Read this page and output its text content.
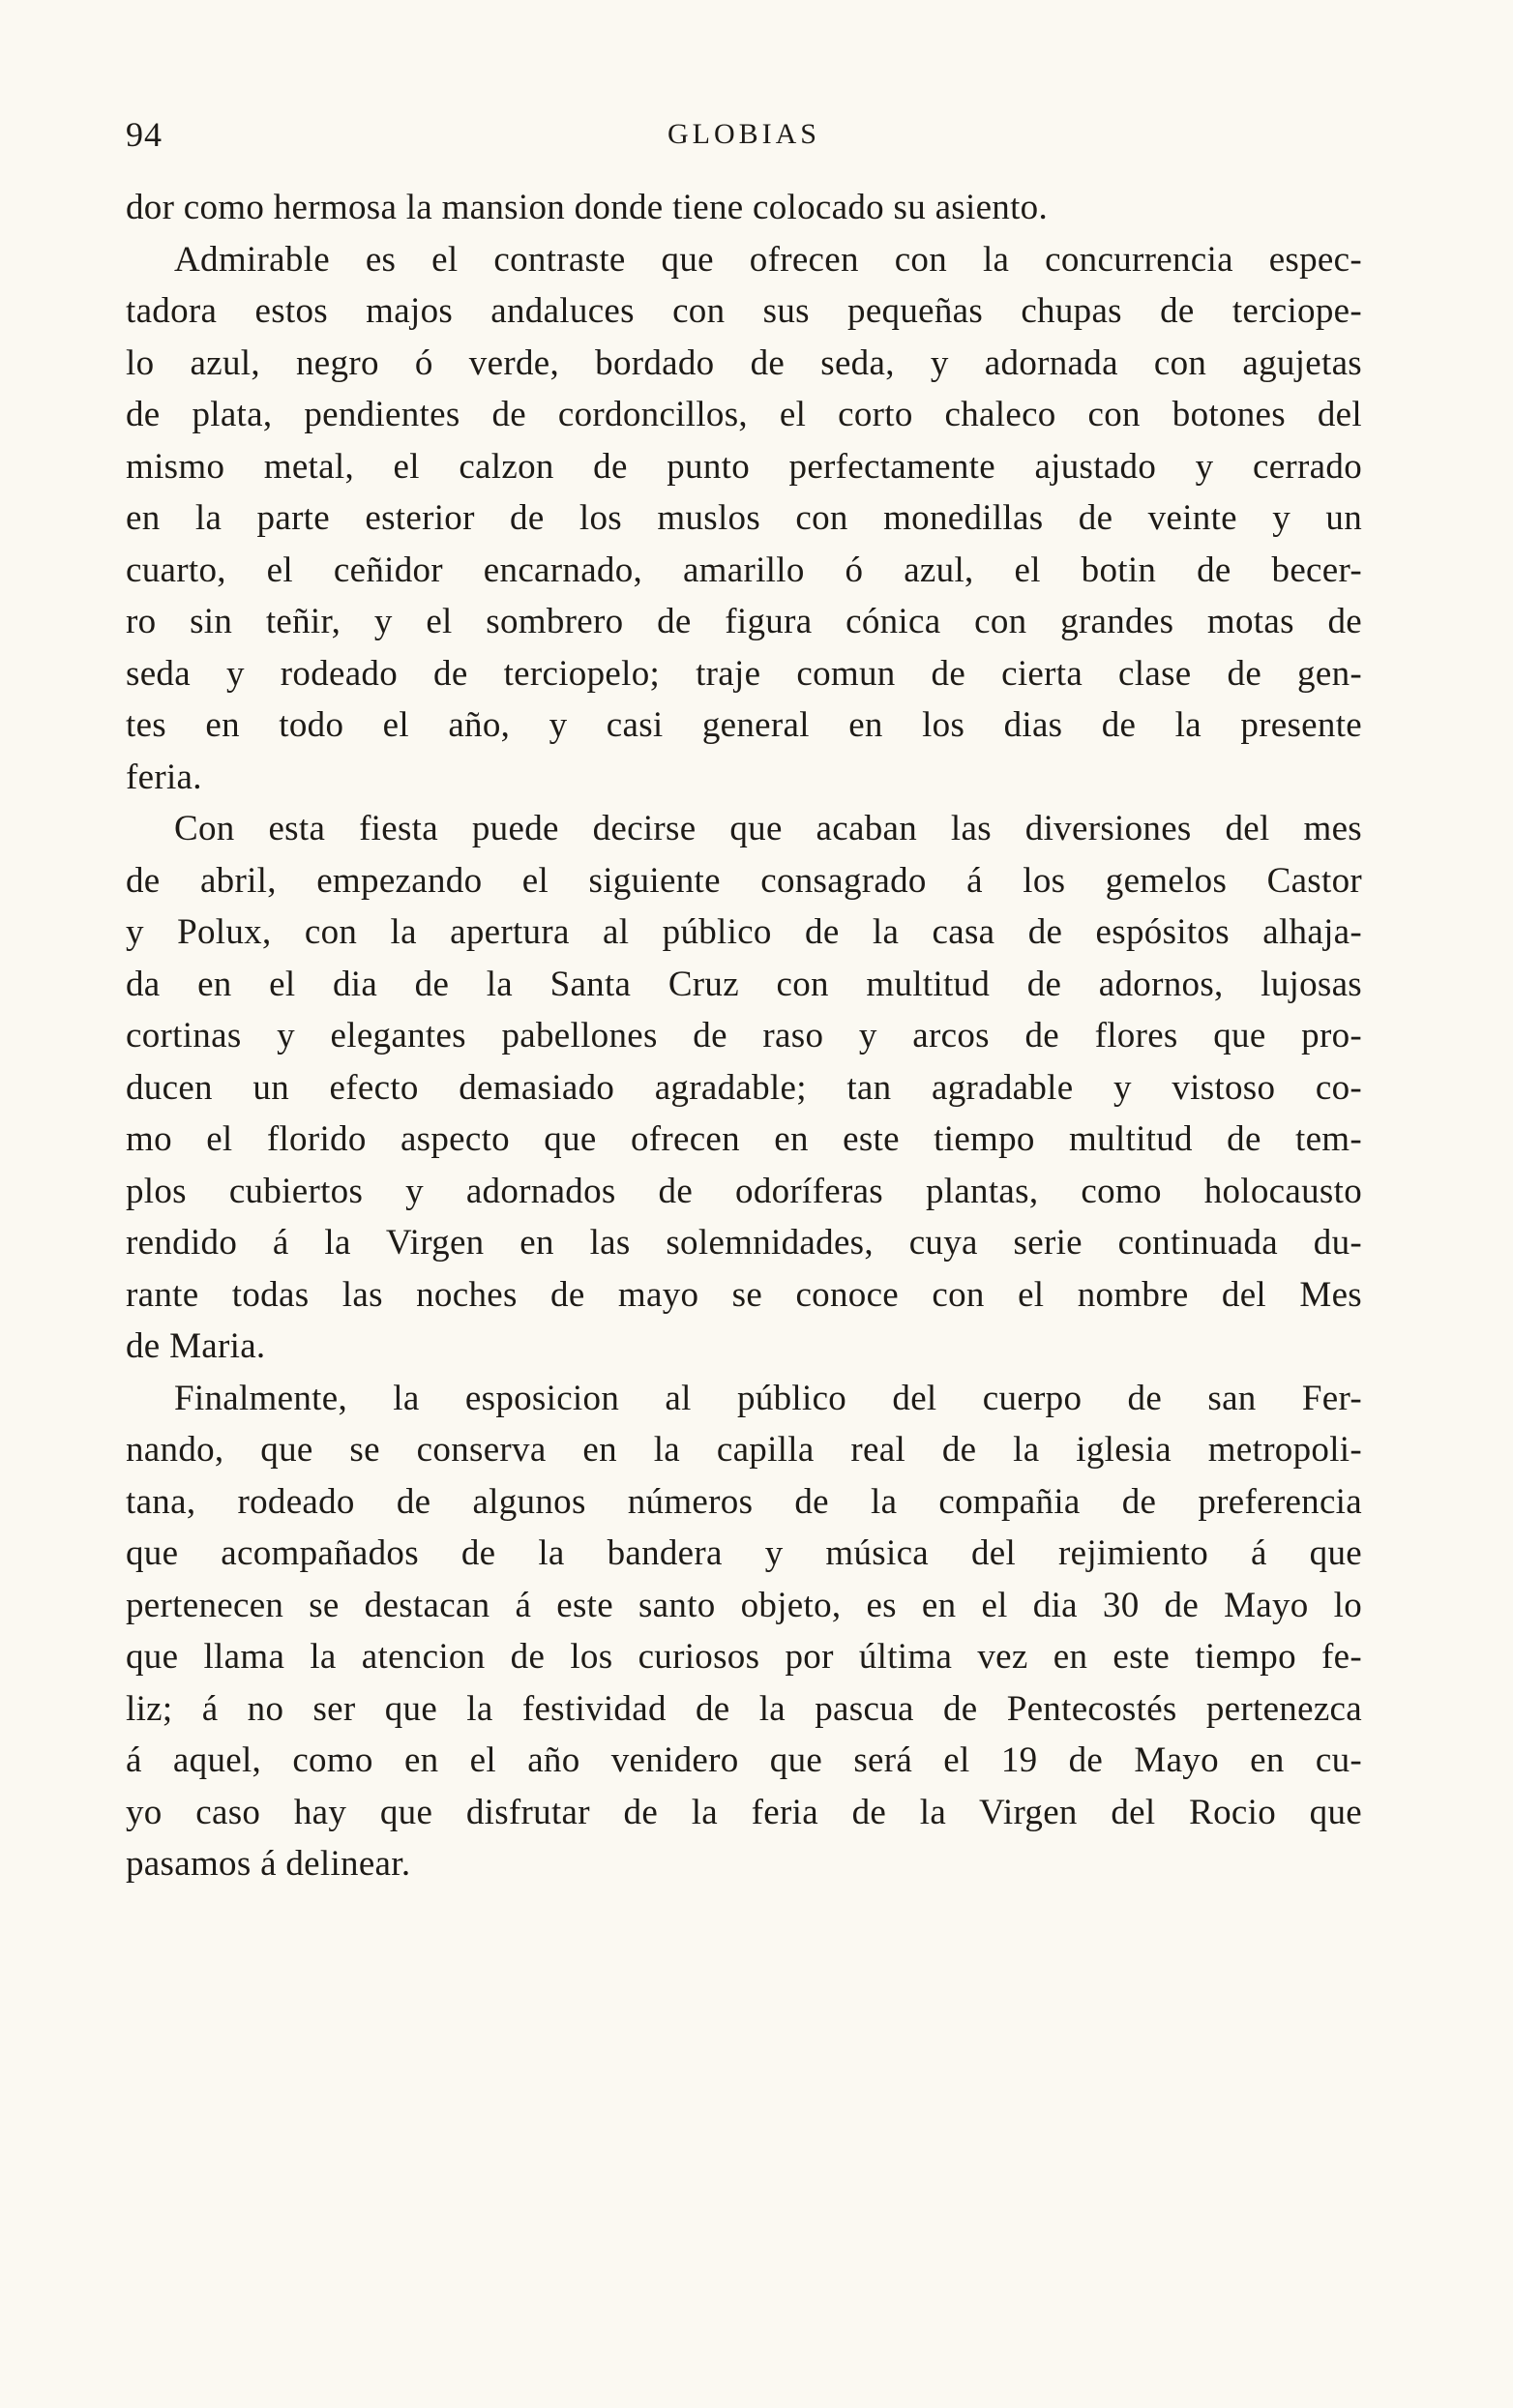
94	GLOBIAS
dor como hermosa la mansion donde tiene colocado su asiento.
Admirable es el contraste que ofrecen con la concurrencia espec-
tadora estos majos andaluces con sus pequeñas chupas de terciope-
lo azul, negro ó verde, bordado de seda, y adornada con agujetas
de plata, pendientes de cordoncillos, el corto chaleco con botones del
mismo metal, el calzon de punto perfectamente ajustado y cerrado
en la parte esterior de los muslos con monedillas de veinte y un
cuarto, el ceñidor encarnado, amarillo ó azul, el botin de becer-
ro sin teñir, y el sombrero de figura cónica con grandes motas de
seda y rodeado de terciopelo; traje comun de cierta clase de gen-
tes en todo el año, y casi general en los dias de la presente
feria.
Con esta fiesta puede decirse que acaban las diversiones del mes
de abril, empezando el siguiente consagrado á los gemelos Castor
y Polux, con la apertura al público de la casa de espósitos alhaja-
da en el dia de la Santa Cruz con multitud de adornos, lujosas
cortinas y elegantes pabellones de raso y arcos de flores que pro-
ducen un efecto demasiado agradable; tan agradable y vistoso co-
mo el florido aspecto que ofrecen en este tiempo multitud de tem-
plos cubiertos y adornados de odoríferas plantas, como holocausto
rendido á la Virgen en las solemnidades, cuya serie continuada du-
rante todas las noches de mayo se conoce con el nombre del Mes
de Maria.
Finalmente, la esposicion al público del cuerpo de san Fer-
nando, que se conserva en la capilla real de la iglesia metropoli-
tana, rodeado de algunos números de la compañia de preferencia
que acompañados de la bandera y música del rejimiento á que
pertenecen se destacan á este santo objeto, es en el dia 30 de Mayo lo
que llama la atencion de los curiosos por última vez en este tiempo fe-
liz; á no ser que la festividad de la pascua de Pentecostés pertenezca
á aquel, como en el año venidero que será el 19 de Mayo en cu-
yo caso hay que disfrutar de la feria de la Virgen del Rocio que
pasamos á delinear.
